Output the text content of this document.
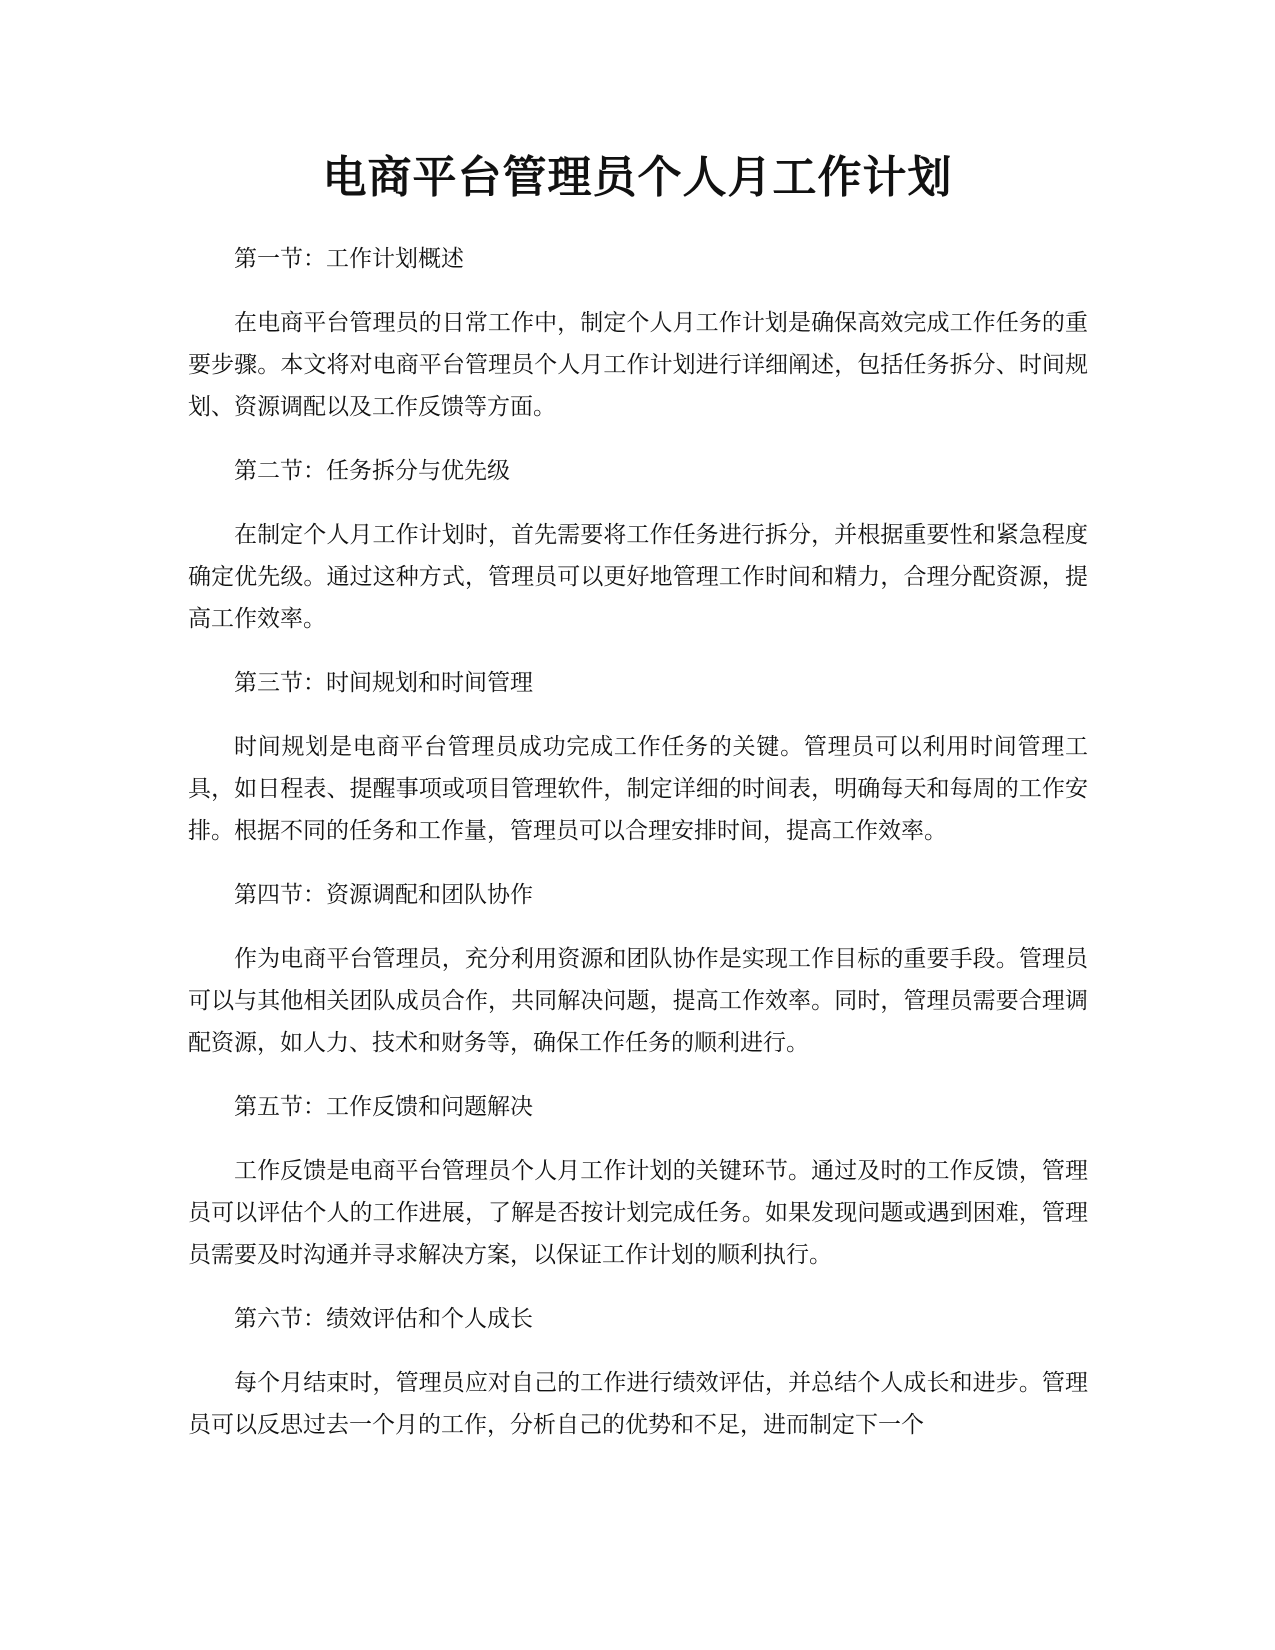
电商平台管理员个人月工作计划

第一节：工作计划概述

在电商平台管理员的日常工作中，制定个人月工作计划是确保高效完成工作任务的重要步骤。本文将对电商平台管理员个人月工作计划进行详细阐述，包括任务拆分、时间规划、资源调配以及工作反馈等方面。

第二节：任务拆分与优先级

在制定个人月工作计划时，首先需要将工作任务进行拆分，并根据重要性和紧急程度确定优先级。通过这种方式，管理员可以更好地管理工作时间和精力，合理分配资源，提高工作效率。

第三节：时间规划和时间管理

时间规划是电商平台管理员成功完成工作任务的关键。管理员可以利用时间管理工具，如日程表、提醒事项或项目管理软件，制定详细的时间表，明确每天和每周的工作安排。根据不同的任务和工作量，管理员可以合理安排时间，提高工作效率。

第四节：资源调配和团队协作

作为电商平台管理员，充分利用资源和团队协作是实现工作目标的重要手段。管理员可以与其他相关团队成员合作，共同解决问题，提高工作效率。同时，管理员需要合理调配资源，如人力、技术和财务等，确保工作任务的顺利进行。

第五节：工作反馈和问题解决

工作反馈是电商平台管理员个人月工作计划的关键环节。通过及时的工作反馈，管理员可以评估个人的工作进展，了解是否按计划完成任务。如果发现问题或遇到困难，管理员需要及时沟通并寻求解决方案，以保证工作计划的顺利执行。

第六节：绩效评估和个人成长

每个月结束时，管理员应对自己的工作进行绩效评估，并总结个人成长和进步。管理员可以反思过去一个月的工作，分析自己的优势和不足，进而制定下一个
